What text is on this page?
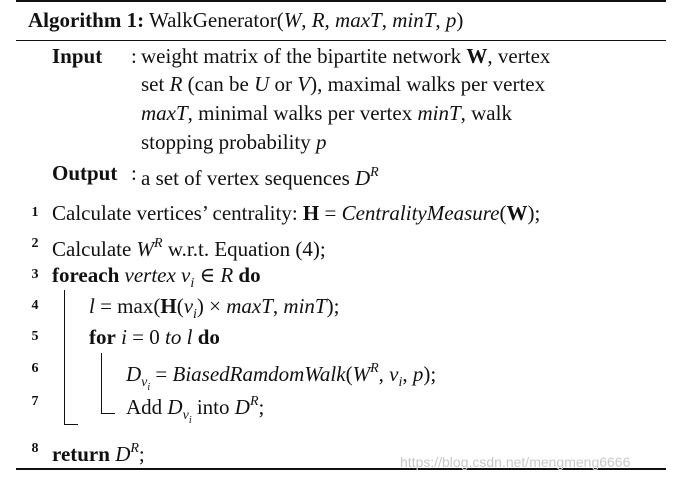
Algorithm 1: WalkGenerator(W, R, maxT, minT, p)
Input : weight matrix of the bipartite network W, vertex
set R (can be U or V), maximal walks per vertex
maxT, minimal walks per vertex minT, walk
stopping probability p
Output : a set of vertex sequences $D^R$
1
2
3
4
5
6
7
8
Calculate vertices’ centrality: H = CentralityMeasure(W);
Calculate $W^R$ w.r.t. Equation (4);
foreach vertex $v_i$ ∈ R do
$l = \max(H(v_i) \times \max T$, minT);
for i = 0 to l do
$D_{v_i}$ = $BiasedRamdomWalk(W^R$, $v_i$, p);
Add $D_{v_i}$ into $D^R$;
return $D^R$;	https://blog.csdn.net/mengmeng6666
